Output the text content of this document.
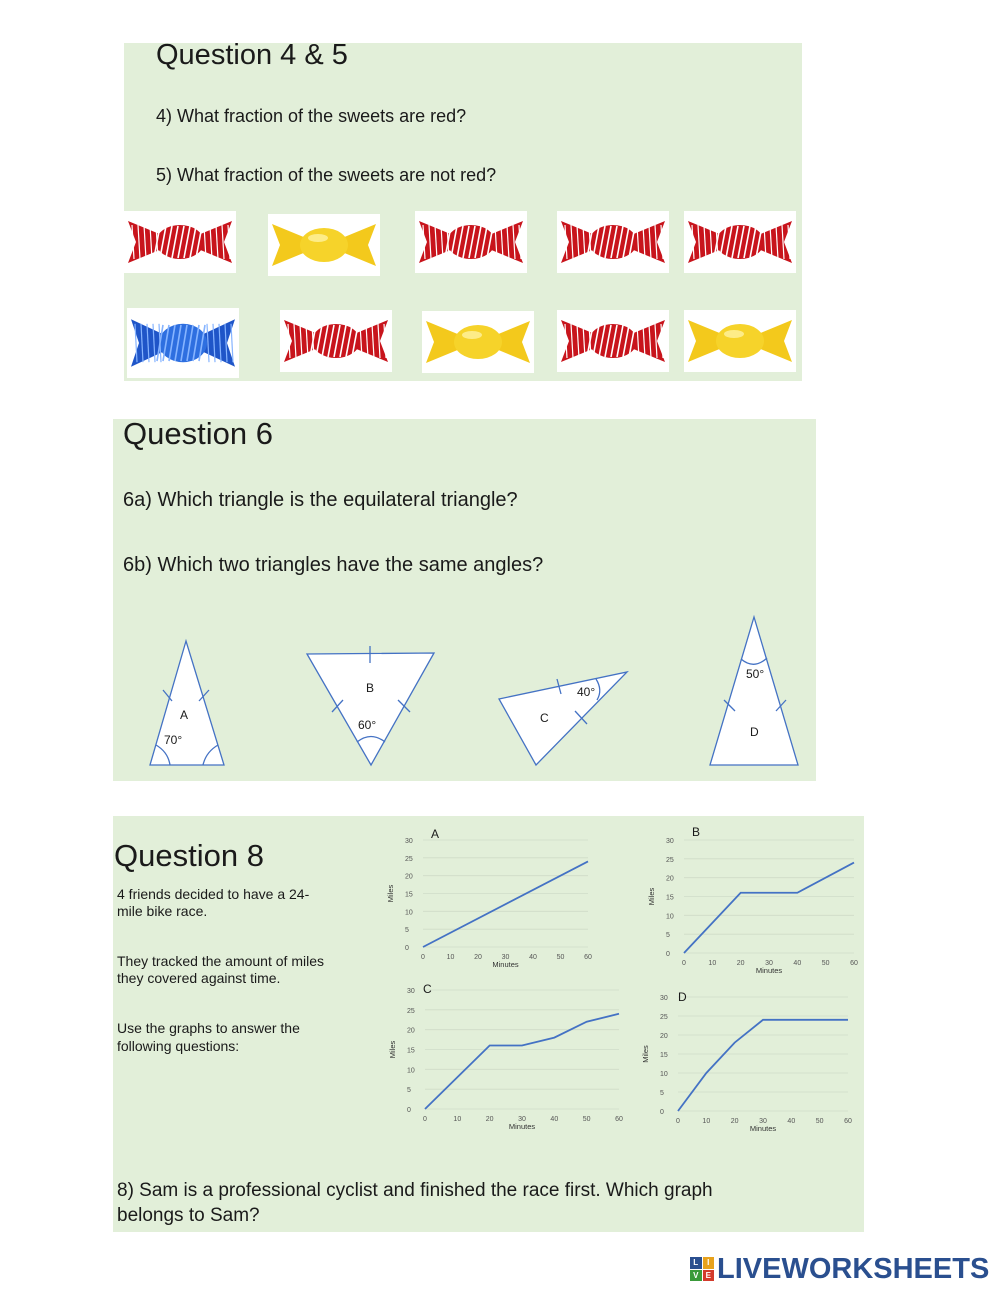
Question 4 & 5
4) What fraction of the sweets are red?
5) What fraction of the sweets are not red?
Question 6
6a) Which triangle is the equilateral triangle?
6b) Which two triangles have the same angles?
A
70°
B
60°	C
40°
D
50°
Question 8
4 friends decided to have a 24-
mile bike race.
They tracked the amount of miles
they covered against time.
Use the graphs to answer the
following questions:
8) Sam is a professional cyclist and finished the race first. Which graph
belongs to Sam?
0
5
10
15
20
25
30
0	10	20	30	40	50	60
Minutes
Miles
A
0
5
10
15
20
25
30
0	10	20	30	40	50	60
Minutes
Miles
B
0
5
10
15
20
25
30
0	10	20	30	40	50	60
Minutes
Miles
C
0
5
10
15
20
25
30
0	10	20	30	40	50	60
Minutes
Miles
D
L	I
V E LIVEWORKSHEETS
